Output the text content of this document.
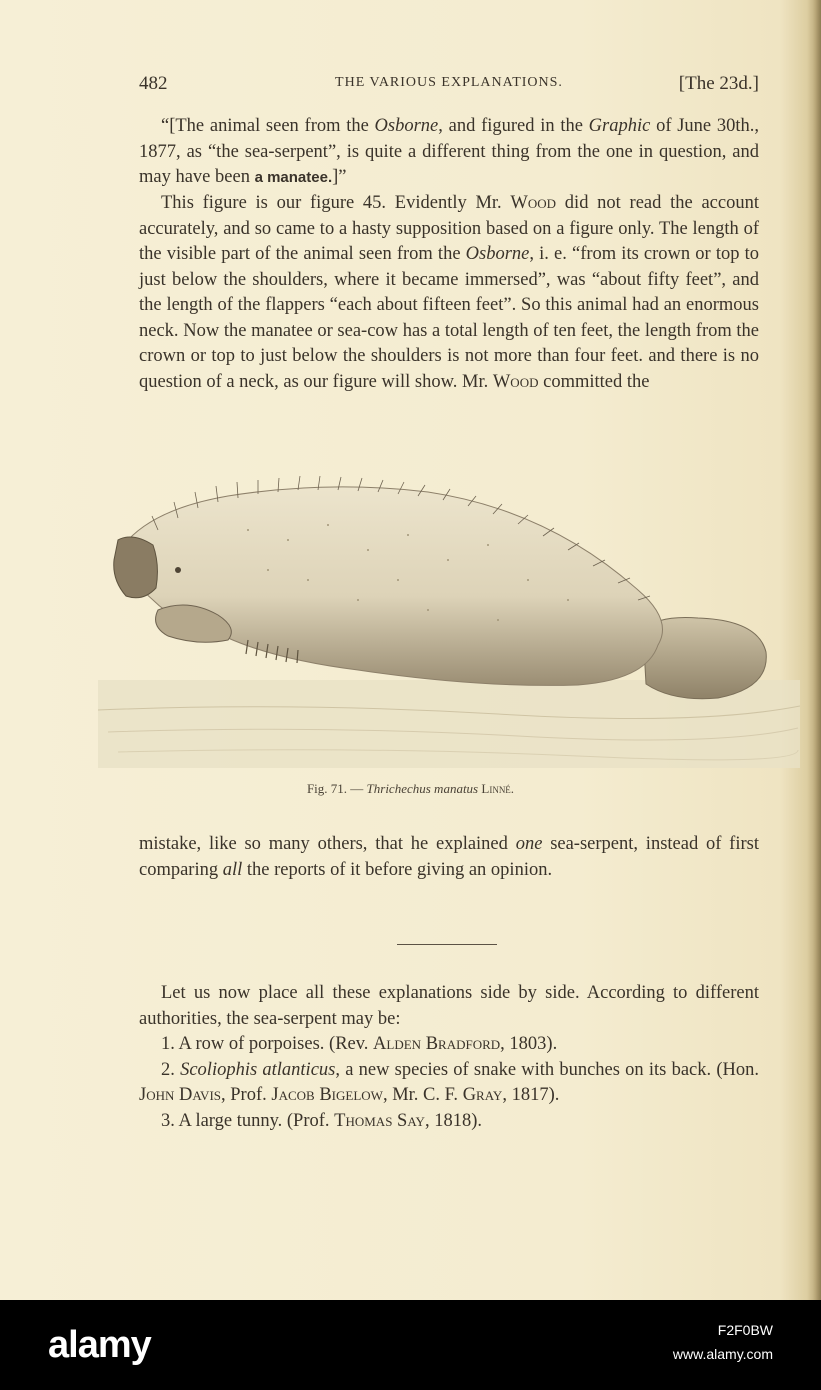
482	THE VARIOUS EXPLANATIONS.	[The 23d.]

“[The animal seen from the Osborne, and figured in the Graphic of June 30th., 1877, as “the sea-serpent”, is quite a different thing from the one in question, and may have been a manatee.]”

This figure is our figure 45. Evidently Mr. Wood did not read the account accurately, and so came to a hasty supposition based on a figure only. The length of the visible part of the animal seen from the Osborne, i. e. “from its crown or top to just below the shoulders, where it became immersed”, was “about fifty feet”, and the length of the flappers “each about fifteen feet”. So this animal had an enormous neck. Now the manatee or sea-cow has a total length of ten feet, the length from the crown or top to just below the shoulders is not more than four feet. and there is no question of a neck, as our figure will show. Mr. Wood committed the

Fig. 71. — Thrichechus manatus Linné.

mistake, like so many others, that he explained one sea-serpent, instead of first comparing all the reports of it before giving an opinion.

Let us now place all these explanations side by side. According to different authorities, the sea-serpent may be:

1. A row of porpoises. (Rev. Alden Bradford, 1803).

2. Scoliophis atlanticus, a new species of snake with bunches on its back. (Hon. John Davis, Prof. Jacob Bigelow, Mr. C. F. Gray, 1817).

3. A large tunny. (Prof. Thomas Say, 1818).

alamy	F2F0BW
www.alamy.com
